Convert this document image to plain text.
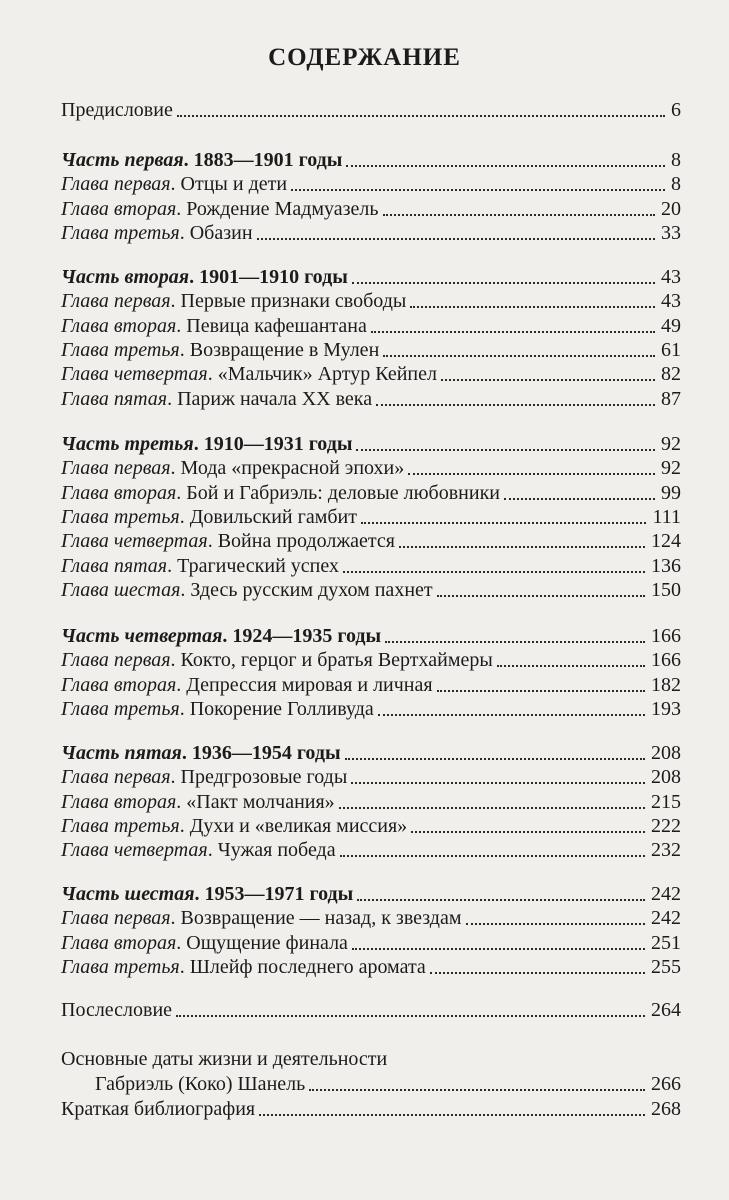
СОДЕРЖАНИЕ
Предисловие	6
Часть первая. 1883—1901 годы	8
Глава первая. Отцы и дети	8
Глава вторая. Рождение Мадмуазель	20
Глава третья. Обазин	33
Часть вторая. 1901—1910 годы	43
Глава первая. Первые признаки свободы	43
Глава вторая. Певица кафешантана	49
Глава третья. Возвращение в Мулен	61
Глава четвертая. «Мальчик» Артур Кейпел	82
Глава пятая. Париж начала XX века	87
Часть третья. 1910—1931 годы	92
Глава первая. Мода «прекрасной эпохи»	92
Глава вторая. Бой и Габриэль: деловые любовники	99
Глава третья. Довильский гамбит	111
Глава четвертая. Война продолжается	124
Глава пятая. Трагический успех	136
Глава шестая. Здесь русским духом пахнет	150
Часть четвертая. 1924—1935 годы	166
Глава первая. Кокто, герцог и братья Вертхаймеры	166
Глава вторая. Депрессия мировая и личная	182
Глава третья. Покорение Голливуда	193
Часть пятая. 1936—1954 годы	208
Глава первая. Предгрозовые годы	208
Глава вторая. «Пакт молчания»	215
Глава третья. Духи и «великая миссия»	222
Глава четвертая. Чужая победа	232
Часть шестая. 1953—1971 годы	242
Глава первая. Возвращение — назад, к звездам	242
Глава вторая. Ощущение финала	251
Глава третья. Шлейф последнего аромата	255
Послесловие	264
Основные даты жизни и деятельности
Габриэль (Коко) Шанель	266
Краткая библиография	268
